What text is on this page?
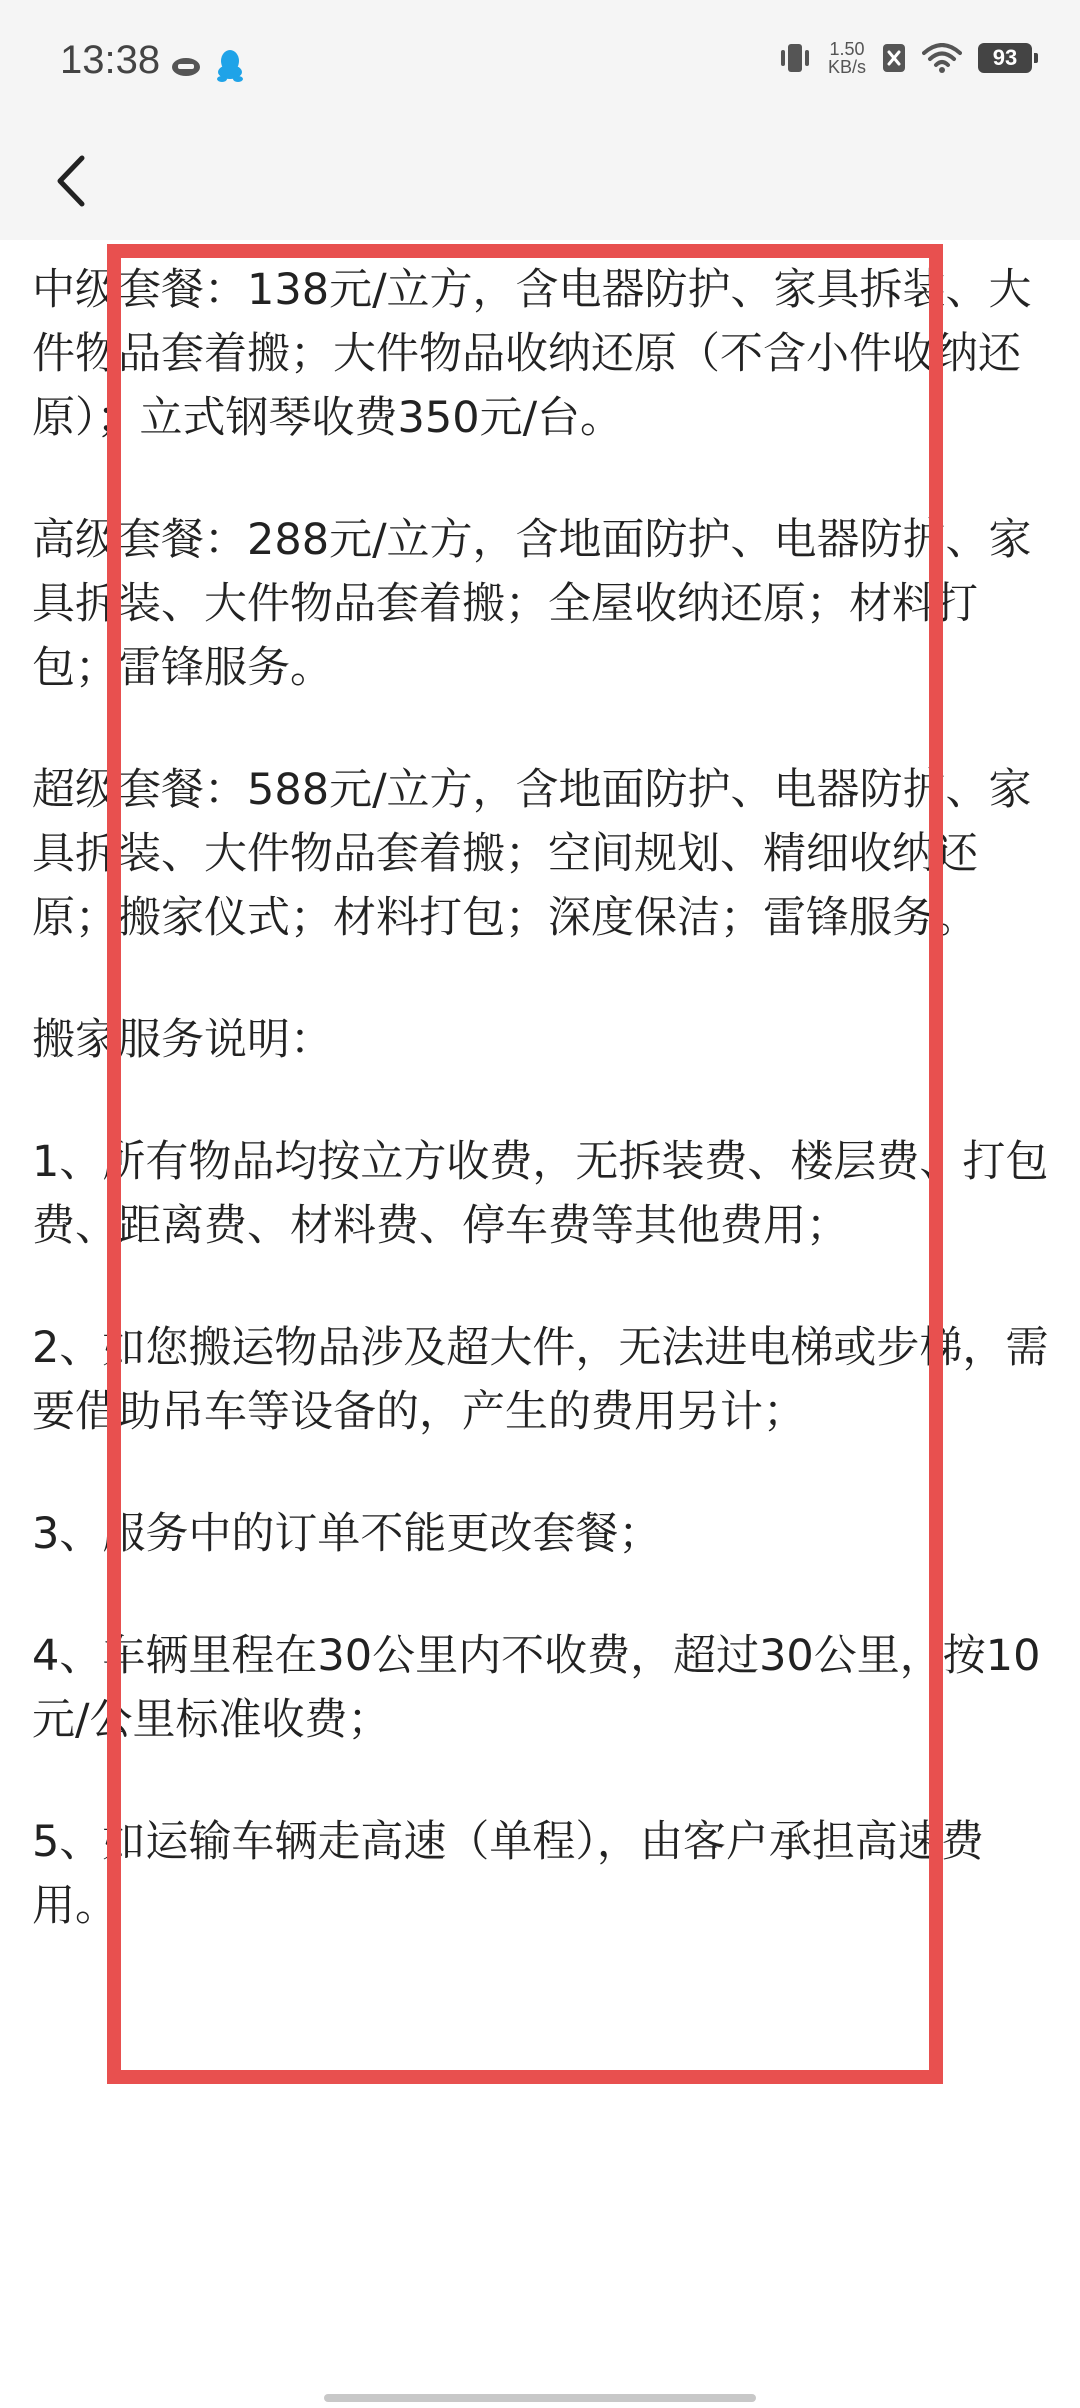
13:38	1.50
KB/s	93

中级套餐：138元/立方，含电器防护、家具拆装、大件物品套着搬；大件物品收纳还原（不含小件收纳还原）；立式钢琴收费350元/台。

高级套餐：288元/立方，含地面防护、电器防护、家具拆装、大件物品套着搬；全屋收纳还原；材料打包；雷锋服务。

超级套餐：588元/立方，含地面防护、电器防护、家具拆装、大件物品套着搬；空间规划、精细收纳还原；搬家仪式；材料打包；深度保洁；雷锋服务。

搬家服务说明：

1、所有物品均按立方收费，无拆装费、楼层费、打包费、距离费、材料费、停车费等其他费用；

2、如您搬运物品涉及超大件，无法进电梯或步梯，需要借助吊车等设备的，产生的费用另计；

3、服务中的订单不能更改套餐；

4、车辆里程在30公里内不收费，超过30公里，按10元/公里标准收费；

5、如运输车辆走高速（单程），由客户承担高速费用。
